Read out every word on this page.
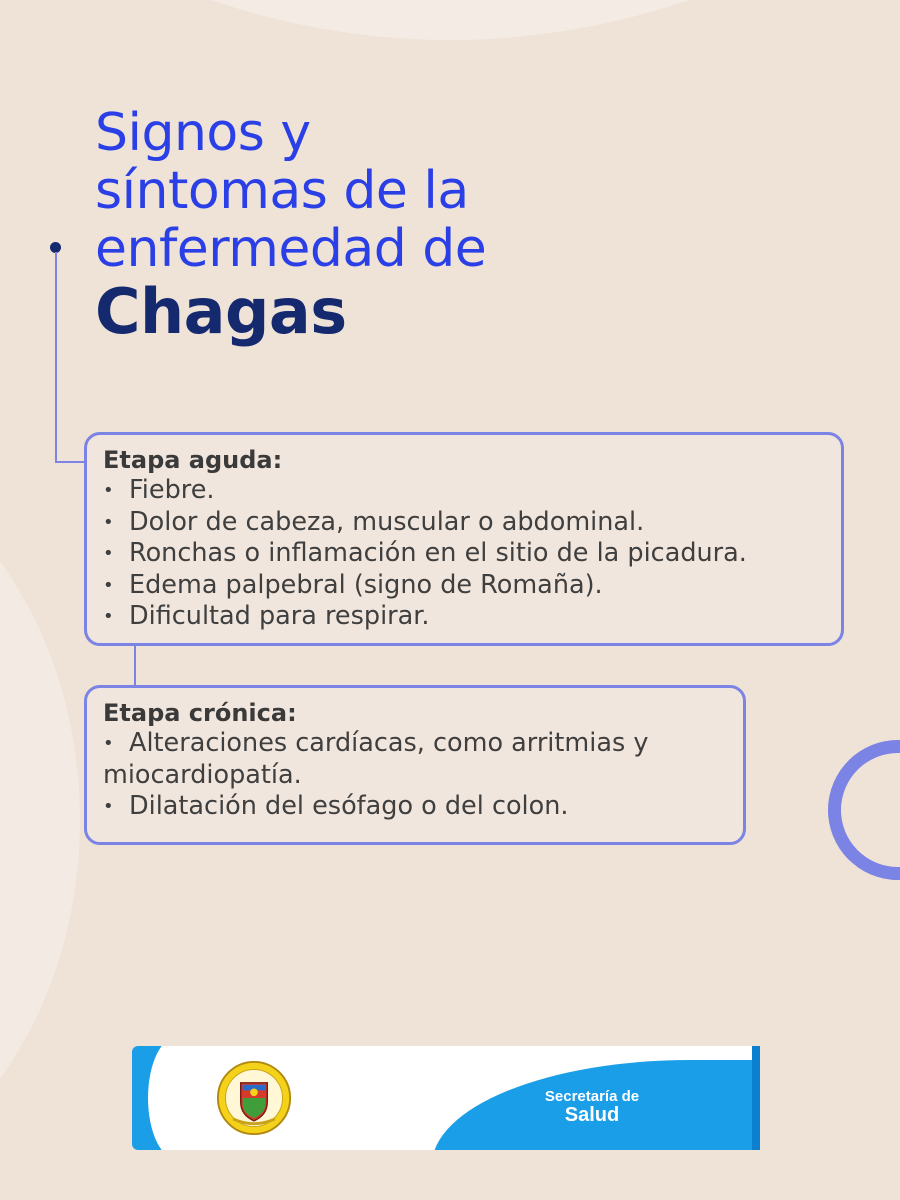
Signos y
síntomas de la
enfermedad de
Chagas
Etapa aguda:
• Fiebre.
• Dolor de cabeza, muscular o abdominal.
• Ronchas o inflamación en el sitio de la picadura.
• Edema palpebral (signo de Romaña).
• Dificultad para respirar.
Etapa crónica:
• Alteraciones cardíacas, como arritmias y miocardiopatía.
• Dilatación del esófago o del colon.
Secretaría de
Salud
